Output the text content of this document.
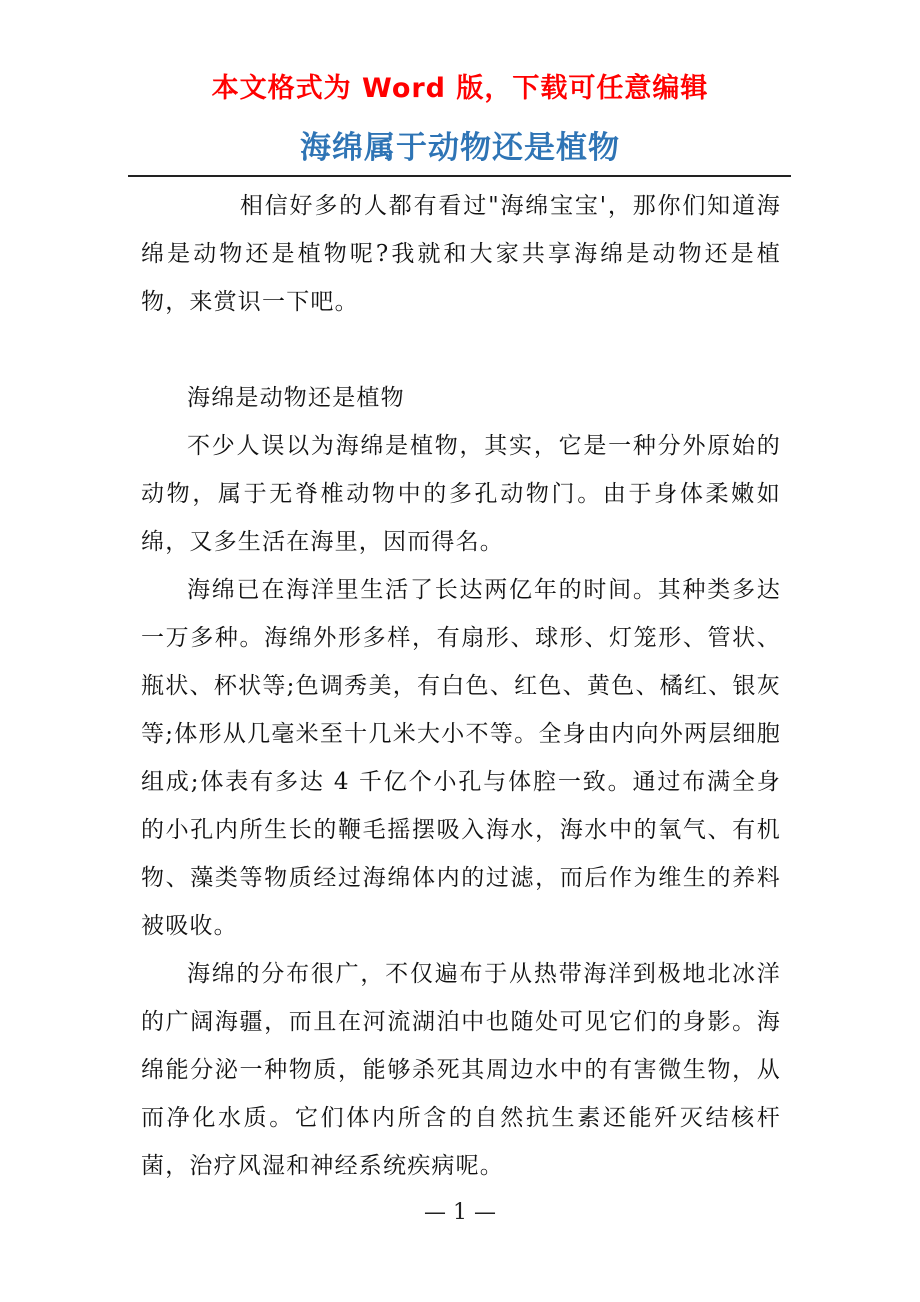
本文格式为 Word 版，下载可任意编辑
海绵属于动物还是植物

相信好多的人都有看过"海绵宝宝'，那你们知道海绵是动物还是植物呢?我就和大家共享海绵是动物还是植物，来赏识一下吧。

海绵是动物还是植物

不少人误以为海绵是植物，其实，它是一种分外原始的动物，属于无脊椎动物中的多孔动物门。由于身体柔嫩如绵，又多生活在海里，因而得名。

海绵已在海洋里生活了长达两亿年的时间。其种类多达一万多种。海绵外形多样，有扇形、球形、灯笼形、管状、瓶状、杯状等;色调秀美，有白色、红色、黄色、橘红、银灰等;体形从几毫米至十几米大小不等。全身由内向外两层细胞组成;体表有多达 4 千亿个小孔与体腔一致。通过布满全身的小孔内所生长的鞭毛摇摆吸入海水，海水中的氧气、有机物、藻类等物质经过海绵体内的过滤，而后作为维生的养料被吸收。

海绵的分布很广，不仅遍布于从热带海洋到极地北冰洋的广阔海疆，而且在河流湖泊中也随处可见它们的身影。海绵能分泌一种物质，能够杀死其周边水中的有害微生物，从而净化水质。它们体内所含的自然抗生素还能歼灭结核杆菌，治疗风湿和神经系统疾病呢。

— 1 —
